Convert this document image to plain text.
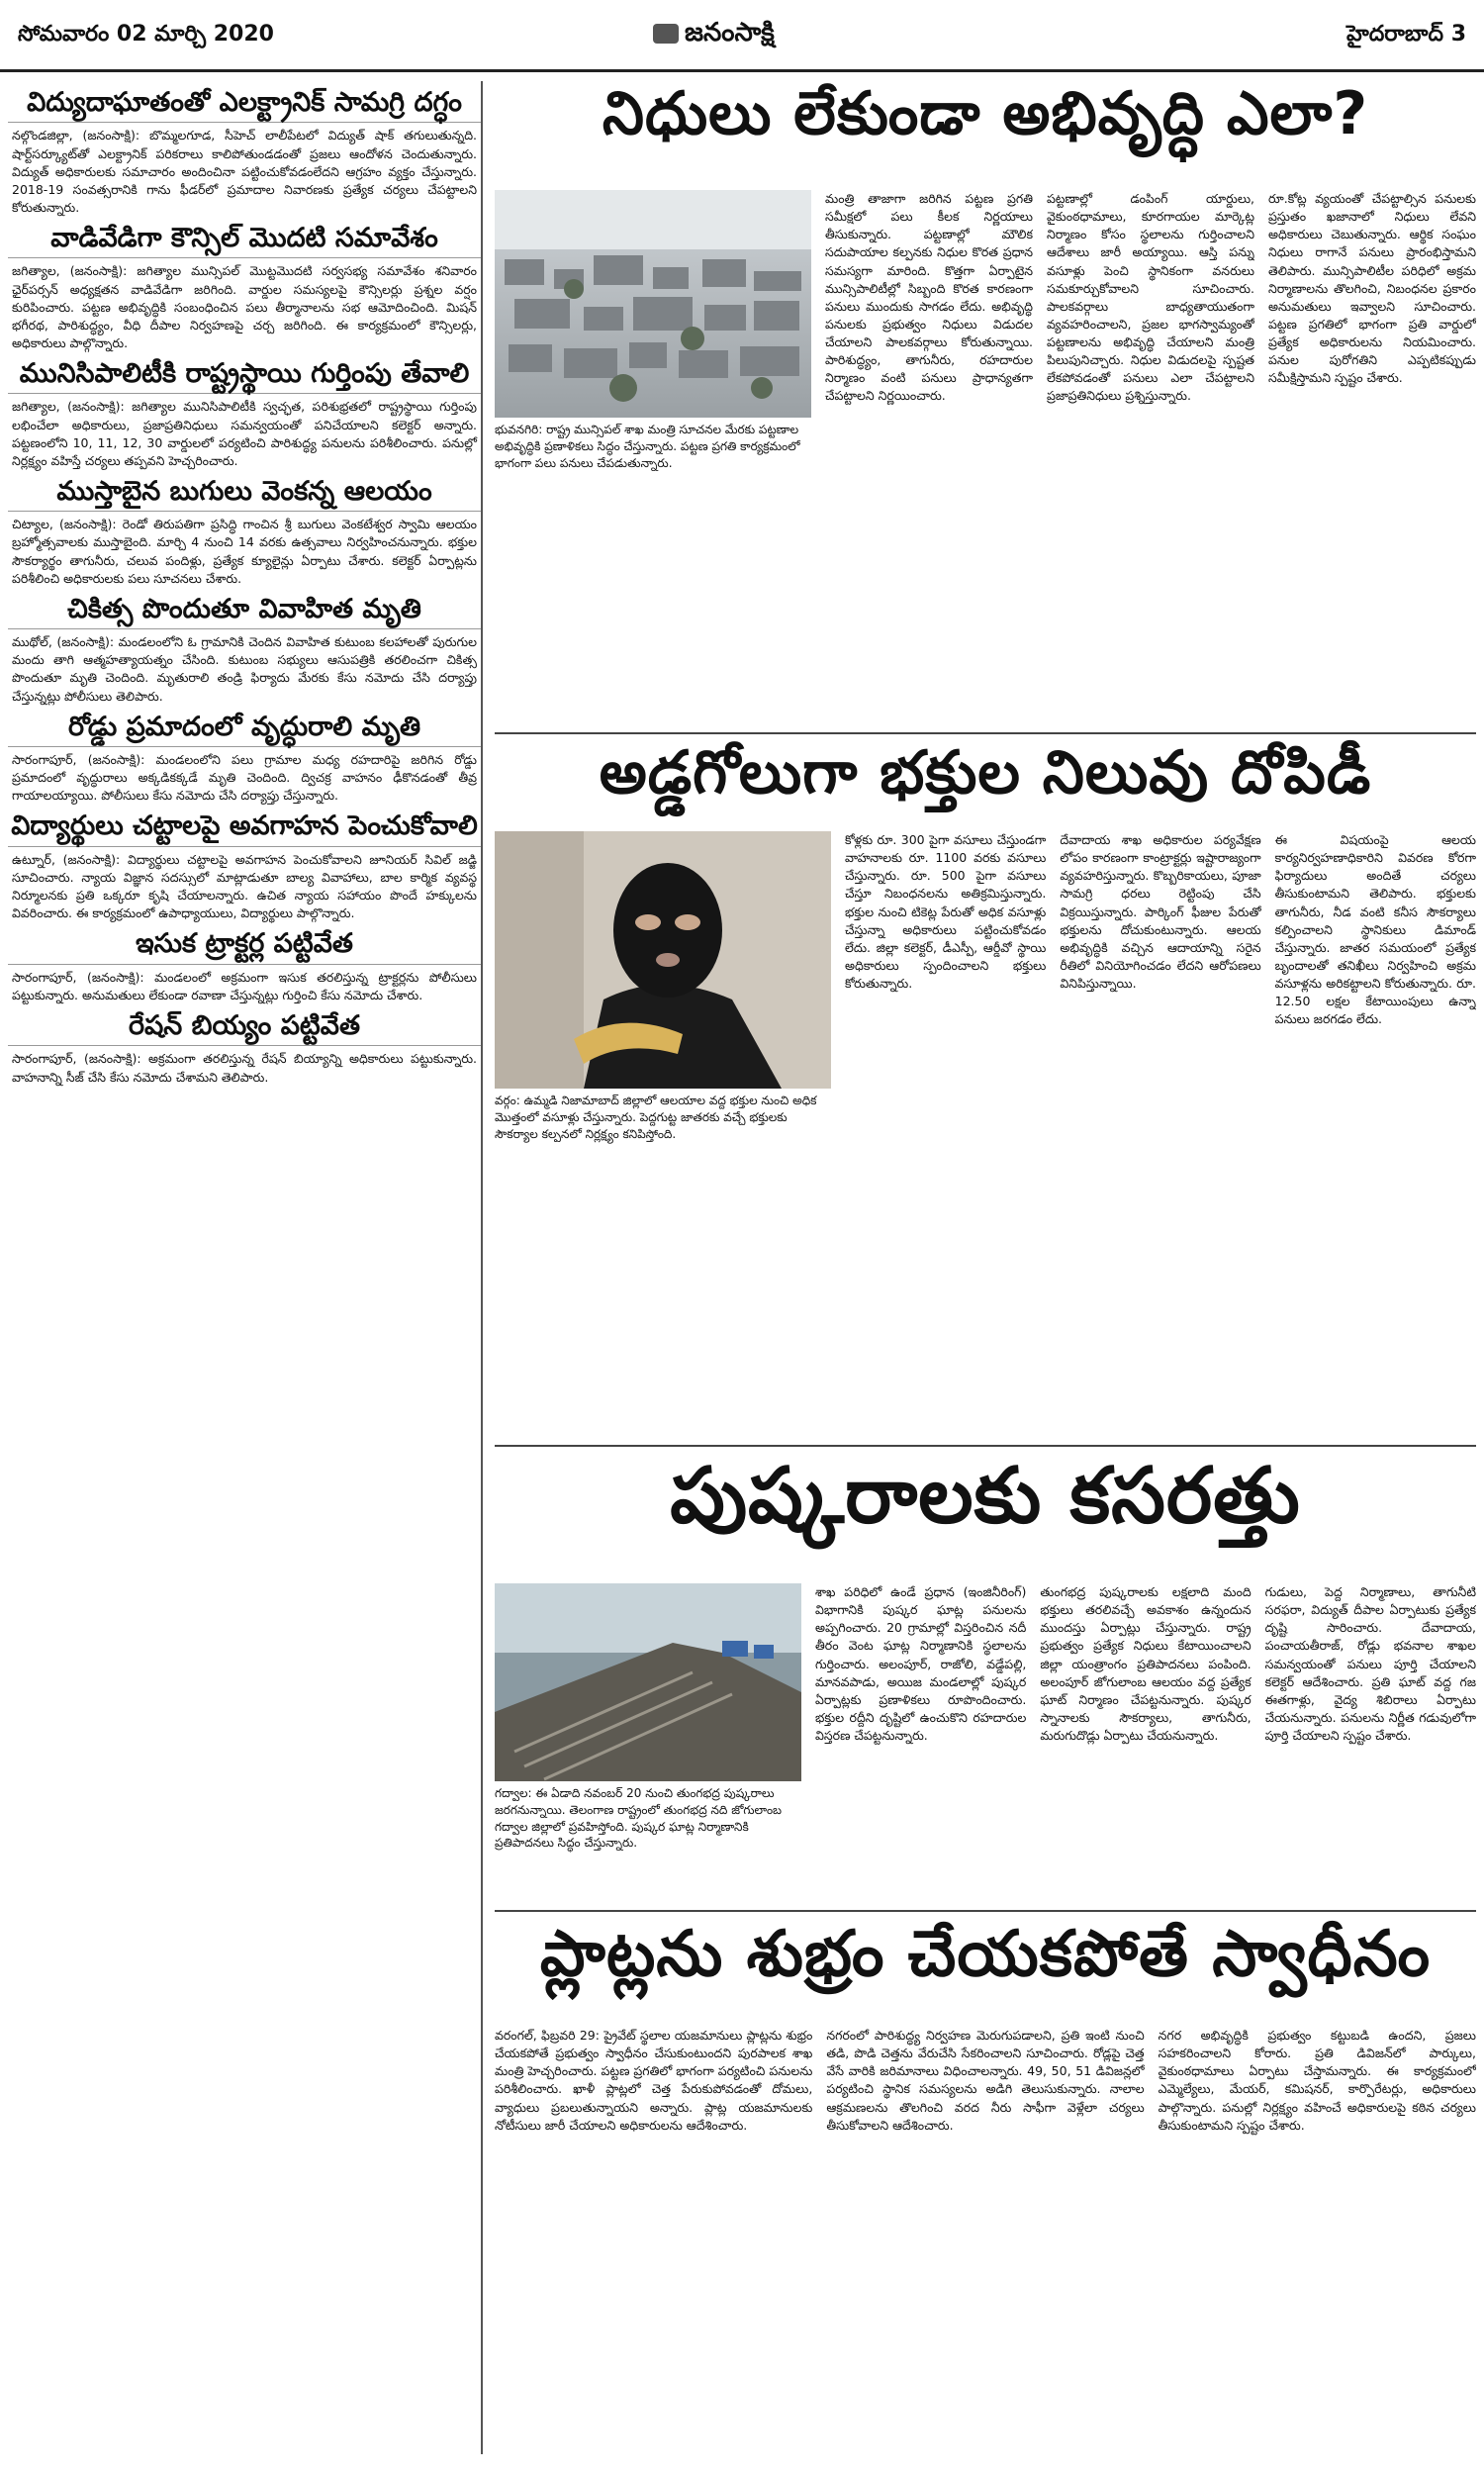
సోమవారం 02 మార్చి 2020	జనంసాక్షి	హైదరాబాద్ 3
విద్యుదాఘాతంతో ఎలక్ట్రానిక్ సామగ్రి దగ్ధం
నల్గొండజిల్లా, (జనంసాక్షి): బొమ్మలగూడ, సీహెచ్ లాలీపేటలో విద్యుత్ షాక్ తగులుతున్నది. షార్ట్‌సర్క్యూట్‌తో ఎలక్ట్రానిక్ పరికరాలు కాలిపోతుండడంతో ప్రజలు ఆందోళన చెందుతున్నారు. విద్యుత్ అధికారులకు సమాచారం అందించినా పట్టించుకోవడంలేదని ఆగ్రహం వ్యక్తం చేస్తున్నారు. 2018-19 సంవత్సరానికి గాను ఫీడర్‌లో ప్రమాదాల నివారణకు ప్రత్యేక చర్యలు చేపట్టాలని కోరుతున్నారు.
వాడివేడిగా కౌన్సిల్ మొదటి సమావేశం
జగిత్యాల, (జనంసాక్షి): జగిత్యాల మున్సిపల్ మొట్టమొదటి సర్వసభ్య సమావేశం శనివారం ఛైర్‌పర్సన్ అధ్యక్షతన వాడివేడిగా జరిగింది. వార్డుల సమస్యలపై కౌన్సిలర్లు ప్రశ్నల వర్షం కురిపించారు. పట్టణ అభివృద్ధికి సంబంధించిన పలు తీర్మానాలను సభ ఆమోదించింది. మిషన్ భగీరథ, పారిశుద్ధ్యం, వీధి దీపాల నిర్వహణపై చర్చ జరిగింది. ఈ కార్యక్రమంలో కౌన్సిలర్లు, అధికారులు పాల్గొన్నారు.
మునిసిపాలిటీకి రాష్ట్రస్థాయి గుర్తింపు తేవాలి
జగిత్యాల, (జనంసాక్షి): జగిత్యాల మునిసిపాలిటీకి స్వచ్ఛత, పరిశుభ్రతలో రాష్ట్రస్థాయి గుర్తింపు లభించేలా అధికారులు, ప్రజాప్రతినిధులు సమన్వయంతో పనిచేయాలని కలెక్టర్ అన్నారు. పట్టణంలోని 10, 11, 12, 30 వార్డులలో పర్యటించి పారిశుద్ధ్య పనులను పరిశీలించారు. పనుల్లో నిర్లక్ష్యం వహిస్తే చర్యలు తప్పవని హెచ్చరించారు.
ముస్తాబైన బుగులు వెంకన్న ఆలయం
చిట్యాల, (జనంసాక్షి): రెండో తిరుపతిగా ప్రసిద్ధి గాంచిన శ్రీ బుగులు వెంకటేశ్వర స్వామి ఆలయం బ్రహ్మోత్సవాలకు ముస్తాబైంది. మార్చి 4 నుంచి 14 వరకు ఉత్సవాలు నిర్వహించనున్నారు. భక్తుల సౌకర్యార్థం తాగునీరు, చలువ పందిళ్లు, ప్రత్యేక క్యూలైన్లు ఏర్పాటు చేశారు. కలెక్టర్ ఏర్పాట్లను పరిశీలించి అధికారులకు పలు సూచనలు చేశారు.
చికిత్స పొందుతూ వివాహిత మృతి
ముథోల్, (జనంసాక్షి): మండలంలోని ఓ గ్రామానికి చెందిన వివాహిత కుటుంబ కలహాలతో పురుగుల మందు తాగి ఆత్మహత్యాయత్నం చేసింది. కుటుంబ సభ్యులు ఆసుపత్రికి తరలించగా చికిత్స పొందుతూ మృతి చెందింది. మృతురాలి తండ్రి ఫిర్యాదు మేరకు కేసు నమోదు చేసి దర్యాప్తు చేస్తున్నట్లు పోలీసులు తెలిపారు.
రోడ్డు ప్రమాదంలో వృద్ధురాలి మృతి
సారంగాపూర్, (జనంసాక్షి): మండలంలోని పలు గ్రామాల మధ్య రహదారిపై జరిగిన రోడ్డు ప్రమాదంలో వృద్ధురాలు అక్కడికక్కడే మృతి చెందింది. ద్విచక్ర వాహనం ఢీకొనడంతో తీవ్ర గాయాలయ్యాయి. పోలీసులు కేసు నమోదు చేసి దర్యాప్తు చేస్తున్నారు.
విద్యార్థులు చట్టాలపై అవగాహన పెంచుకోవాలి
ఉట్నూర్, (జనంసాక్షి): విద్యార్థులు చట్టాలపై అవగాహన పెంచుకోవాలని జూనియర్ సివిల్ జడ్జి సూచించారు. న్యాయ విజ్ఞాన సదస్సులో మాట్లాడుతూ బాల్య వివాహాలు, బాల కార్మిక వ్యవస్థ నిర్మూలనకు ప్రతి ఒక్కరూ కృషి చేయాలన్నారు. ఉచిత న్యాయ సహాయం పొందే హక్కులను వివరించారు. ఈ కార్యక్రమంలో ఉపాధ్యాయులు, విద్యార్థులు పాల్గొన్నారు.
ఇసుక ట్రాక్టర్ల పట్టివేత
సారంగాపూర్, (జనంసాక్షి): మండలంలో అక్రమంగా ఇసుక తరలిస్తున్న ట్రాక్టర్లను పోలీసులు పట్టుకున్నారు. అనుమతులు లేకుండా రవాణా చేస్తున్నట్లు గుర్తించి కేసు నమోదు చేశారు.
రేషన్ బియ్యం పట్టివేత
సారంగాపూర్, (జనంసాక్షి): అక్రమంగా తరలిస్తున్న రేషన్ బియ్యాన్ని అధికారులు పట్టుకున్నారు. వాహనాన్ని సీజ్ చేసి కేసు నమోదు చేశామని తెలిపారు.
నిధులు లేకుండా అభివృద్ధి ఎలా?
భువనగిరి: రాష్ట్ర మున్సిపల్ శాఖ మంత్రి సూచనల మేరకు పట్టణాల అభివృద్ధికి ప్రణాళికలు సిద్ధం చేస్తున్నారు. పట్టణ ప్రగతి కార్యక్రమంలో భాగంగా పలు పనులు చేపడుతున్నారు.
మంత్రి తాజాగా జరిగిన పట్టణ ప్రగతి సమీక్షలో పలు కీలక నిర్ణయాలు తీసుకున్నారు. పట్టణాల్లో మౌలిక సదుపాయాల కల్పనకు నిధుల కొరత ప్రధాన సమస్యగా మారింది. కొత్తగా ఏర్పాటైన మున్సిపాలిటీల్లో సిబ్బంది కొరత కారణంగా పనులు ముందుకు సాగడం లేదు. అభివృద్ధి పనులకు ప్రభుత్వం నిధులు విడుదల చేయాలని పాలకవర్గాలు కోరుతున్నాయి. పారిశుద్ధ్యం, తాగునీరు, రహదారుల నిర్మాణం వంటి పనులు ప్రాధాన్యతగా చేపట్టాలని నిర్ణయించారు.
పట్టణాల్లో డంపింగ్ యార్డులు, వైకుంఠధామాలు, కూరగాయల మార్కెట్ల నిర్మాణం కోసం స్థలాలను గుర్తించాలని ఆదేశాలు జారీ అయ్యాయి. ఆస్తి పన్ను వసూళ్లు పెంచి స్థానికంగా వనరులు సమకూర్చుకోవాలని సూచించారు. పాలకవర్గాలు బాధ్యతాయుతంగా వ్యవహరించాలని, ప్రజల భాగస్వామ్యంతో పట్టణాలను అభివృద్ధి చేయాలని మంత్రి పిలుపునిచ్చారు. నిధుల విడుదలపై స్పష్టత లేకపోవడంతో పనులు ఎలా చేపట్టాలని ప్రజాప్రతినిధులు ప్రశ్నిస్తున్నారు.
రూ.కోట్ల వ్యయంతో చేపట్టాల్సిన పనులకు ప్రస్తుతం ఖజానాలో నిధులు లేవని అధికారులు చెబుతున్నారు. ఆర్థిక సంఘం నిధులు రాగానే పనులు ప్రారంభిస్తామని తెలిపారు. మున్సిపాలిటీల పరిధిలో అక్రమ నిర్మాణాలను తొలగించి, నిబంధనల ప్రకారం అనుమతులు ఇవ్వాలని సూచించారు. పట్టణ ప్రగతిలో భాగంగా ప్రతి వార్డులో ప్రత్యేక అధికారులను నియమించారు. పనుల పురోగతిని ఎప్పటికప్పుడు సమీక్షిస్తామని స్పష్టం చేశారు.
అడ్డగోలుగా భక్తుల నిలువు దోపిడీ
వర్గం: ఉమ్మడి నిజామాబాద్ జిల్లాలో ఆలయాల వద్ద భక్తుల నుంచి అధిక మొత్తంలో వసూళ్లు చేస్తున్నారు. పెద్దగుట్ట జాతరకు వచ్చే భక్తులకు సౌకర్యాల కల్పనలో నిర్లక్ష్యం కనిపిస్తోంది.
కోళ్లకు రూ. 300 పైగా వసూలు చేస్తుండగా వాహనాలకు రూ. 1100 వరకు వసూలు చేస్తున్నారు. రూ. 500 పైగా వసూలు చేస్తూ నిబంధనలను అతిక్రమిస్తున్నారు. భక్తుల నుంచి టికెట్ల పేరుతో అధిక వసూళ్లు చేస్తున్నా అధికారులు పట్టించుకోవడం లేదు. జిల్లా కలెక్టర్, డీఎస్పీ, ఆర్డీవో స్థాయి అధికారులు స్పందించాలని భక్తులు కోరుతున్నారు.
దేవాదాయ శాఖ అధికారుల పర్యవేక్షణ లోపం కారణంగా కాంట్రాక్టర్లు ఇష్టారాజ్యంగా వ్యవహరిస్తున్నారు. కొబ్బరికాయలు, పూజా సామగ్రి ధరలు రెట్టింపు చేసి విక్రయిస్తున్నారు. పార్కింగ్ ఫీజుల పేరుతో భక్తులను దోచుకుంటున్నారు. ఆలయ అభివృద్ధికి వచ్చిన ఆదాయాన్ని సరైన రీతిలో వినియోగించడం లేదని ఆరోపణలు వినిపిస్తున్నాయి.
ఈ విషయంపై ఆలయ కార్యనిర్వహణాధికారిని వివరణ కోరగా ఫిర్యాదులు అందితే చర్యలు తీసుకుంటామని తెలిపారు. భక్తులకు తాగునీరు, నీడ వంటి కనీస సౌకర్యాలు కల్పించాలని స్థానికులు డిమాండ్ చేస్తున్నారు. జాతర సమయంలో ప్రత్యేక బృందాలతో తనిఖీలు నిర్వహించి అక్రమ వసూళ్లను అరికట్టాలని కోరుతున్నారు. రూ. 12.50 లక్షల కేటాయింపులు ఉన్నా పనులు జరగడం లేదు.
పుష్కరాలకు కసరత్తు
గద్వాల: ఈ ఏడాది నవంబర్ 20 నుంచి తుంగభద్ర పుష్కరాలు జరగనున్నాయి. తెలంగాణ రాష్ట్రంలో తుంగభద్ర నది జోగులాంబ గద్వాల జిల్లాలో ప్రవహిస్తోంది. పుష్కర ఘాట్ల నిర్మాణానికి ప్రతిపాదనలు సిద్ధం చేస్తున్నారు.
శాఖ పరిధిలో ఉండే ప్రధాన (ఇంజినీరింగ్) విభాగానికి పుష్కర ఘాట్ల పనులను అప్పగించారు. 20 గ్రామాల్లో విస్తరించిన నదీ తీరం వెంట ఘాట్ల నిర్మాణానికి స్థలాలను గుర్తించారు. అలంపూర్, రాజోలి, వడ్డేపల్లి, మానవపాడు, అయిజ మండలాల్లో పుష్కర ఏర్పాట్లకు ప్రణాళికలు రూపొందించారు. భక్తుల రద్దీని దృష్టిలో ఉంచుకొని రహదారుల విస్తరణ చేపట్టనున్నారు.
తుంగభద్ర పుష్కరాలకు లక్షలాది మంది భక్తులు తరలివచ్చే అవకాశం ఉన్నందున ముందస్తు ఏర్పాట్లు చేస్తున్నారు. రాష్ట్ర ప్రభుత్వం ప్రత్యేక నిధులు కేటాయించాలని జిల్లా యంత్రాంగం ప్రతిపాదనలు పంపింది. అలంపూర్ జోగులాంబ ఆలయం వద్ద ప్రత్యేక ఘాట్ నిర్మాణం చేపట్టనున్నారు. పుష్కర స్నానాలకు సౌకర్యాలు, తాగునీరు, మరుగుదొడ్లు ఏర్పాటు చేయనున్నారు.
గుడులు, పెద్ద నిర్మాణాలు, తాగునీటి సరఫరా, విద్యుత్ దీపాల ఏర్పాటుకు ప్రత్యేక దృష్టి సారించారు. దేవాదాయ, పంచాయతీరాజ్, రోడ్లు భవనాల శాఖల సమన్వయంతో పనులు పూర్తి చేయాలని కలెక్టర్ ఆదేశించారు. ప్రతి ఘాట్ వద్ద గజ ఈతగాళ్లు, వైద్య శిబిరాలు ఏర్పాటు చేయనున్నారు. పనులను నిర్ణీత గడువులోగా పూర్తి చేయాలని స్పష్టం చేశారు.
ప్లాట్లను శుభ్రం చేయకపోతే స్వాధీనం
వరంగల్, ఫిబ్రవరి 29: ప్రైవేట్ స్థలాల యజమానులు ప్లాట్లను శుభ్రం చేయకపోతే ప్రభుత్వం స్వాధీనం చేసుకుంటుందని పురపాలక శాఖ మంత్రి హెచ్చరించారు. పట్టణ ప్రగతిలో భాగంగా పర్యటించి పనులను పరిశీలించారు. ఖాళీ ప్లాట్లలో చెత్త పేరుకుపోవడంతో దోమలు, వ్యాధులు ప్రబలుతున్నాయని అన్నారు. ప్లాట్ల యజమానులకు నోటీసులు జారీ చేయాలని అధికారులను ఆదేశించారు.
నగరంలో పారిశుద్ధ్య నిర్వహణ మెరుగుపడాలని, ప్రతి ఇంటి నుంచి తడి, పొడి చెత్తను వేరుచేసి సేకరించాలని సూచించారు. రోడ్లపై చెత్త వేసే వారికి జరిమానాలు విధించాలన్నారు. 49, 50, 51 డివిజన్లలో పర్యటించి స్థానిక సమస్యలను అడిగి తెలుసుకున్నారు. నాలాల ఆక్రమణలను తొలగించి వరద నీరు సాఫీగా వెళ్లేలా చర్యలు తీసుకోవాలని ఆదేశించారు.
నగర అభివృద్ధికి ప్రభుత్వం కట్టుబడి ఉందని, ప్రజలు సహకరించాలని కోరారు. ప్రతి డివిజన్‌లో పార్కులు, వైకుంఠధామాలు ఏర్పాటు చేస్తామన్నారు. ఈ కార్యక్రమంలో ఎమ్మెల్యేలు, మేయర్, కమిషనర్, కార్పొరేటర్లు, అధికారులు పాల్గొన్నారు. పనుల్లో నిర్లక్ష్యం వహించే అధికారులపై కఠిన చర్యలు తీసుకుంటామని స్పష్టం చేశారు.
